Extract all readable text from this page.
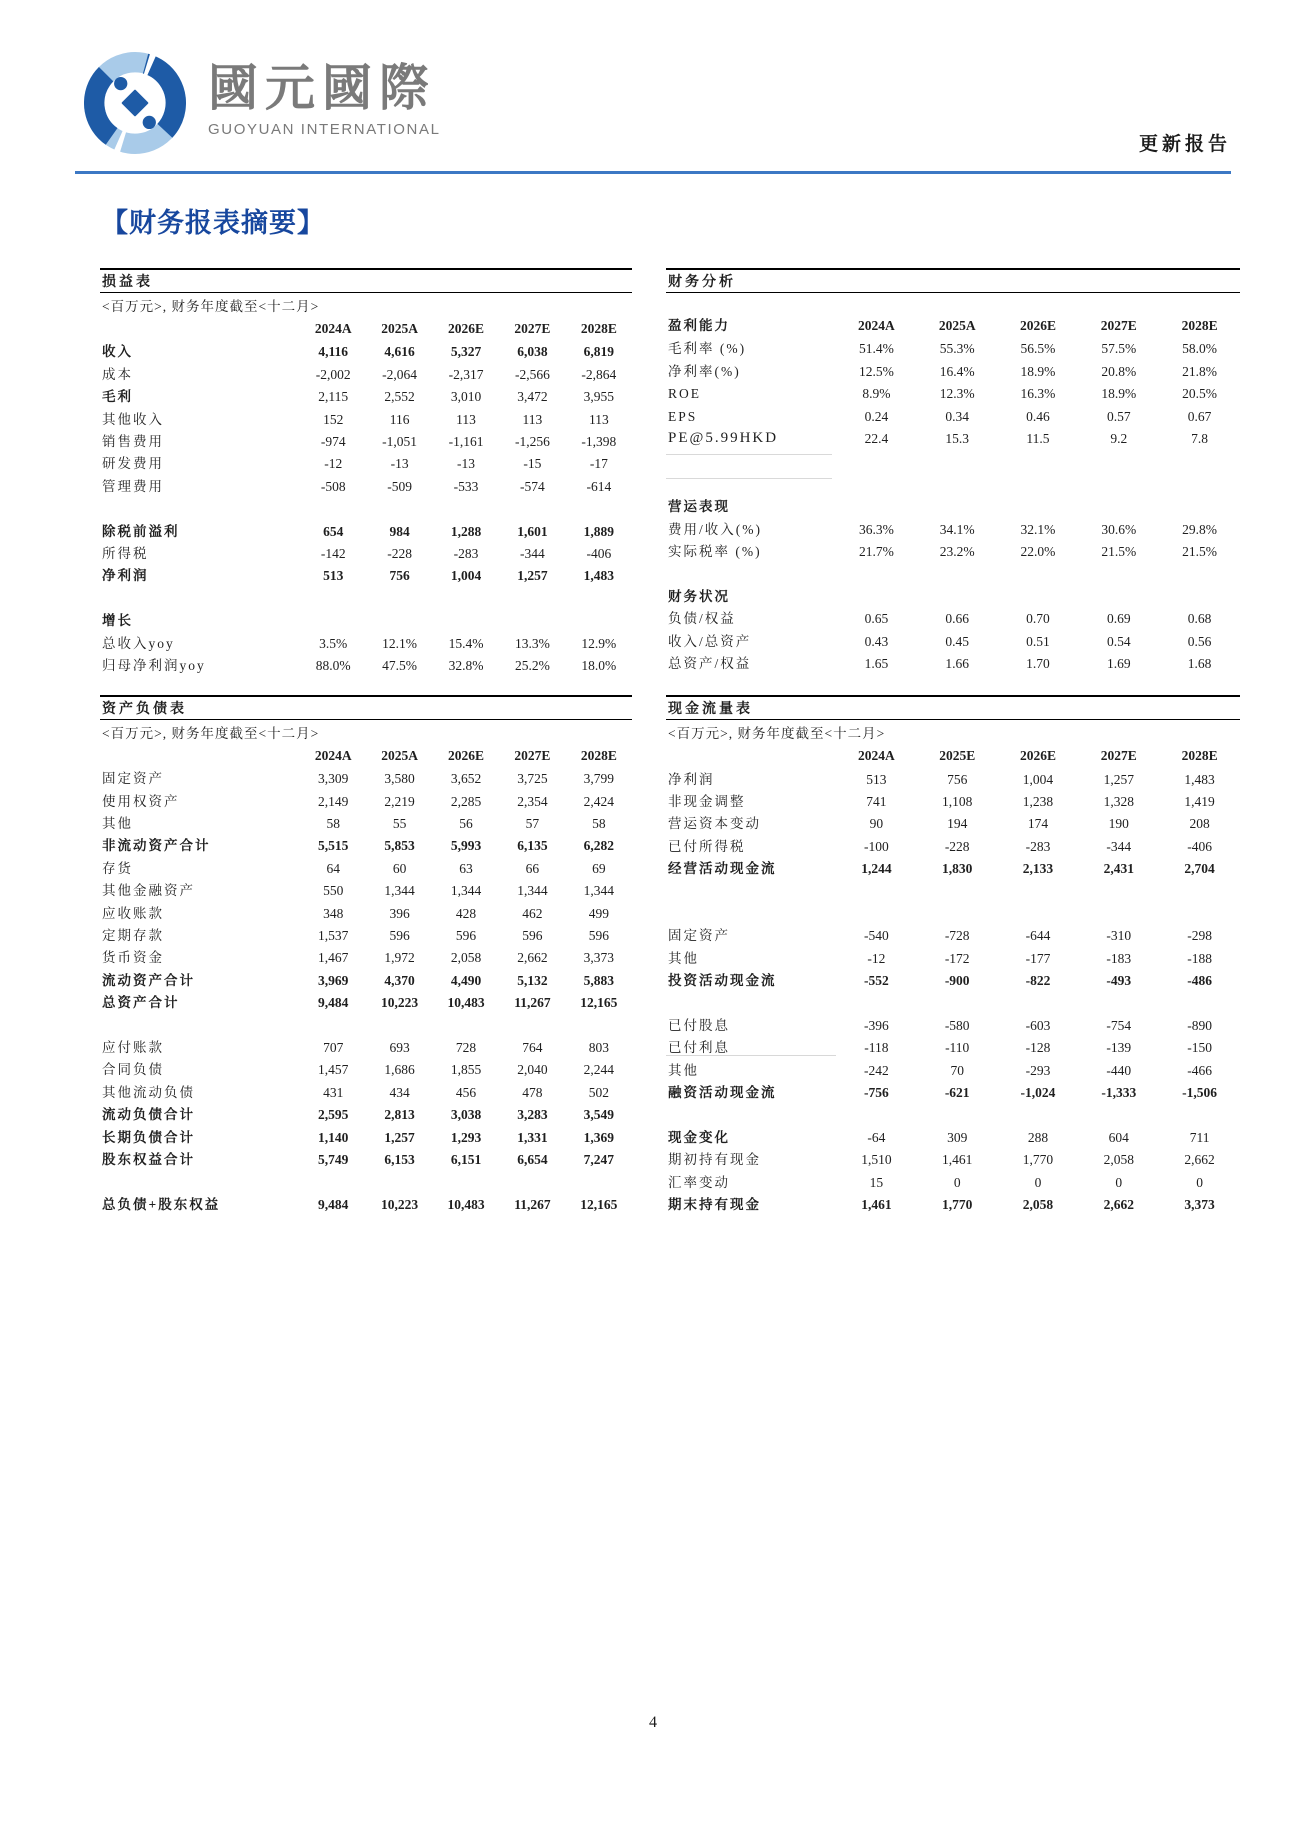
國元國際
GUOYUAN INTERNATIONAL
更新报告
【财务报表摘要】
损益表
<百万元>, 财务年度截至<十二月>
2024A	2025A	2026E	2027E	2028E
收入	4,116	4,616	5,327	6,038	6,819
成本	-2,002	-2,064	-2,317	-2,566	-2,864
毛利	2,115	2,552	3,010	3,472	3,955
其他收入	152	116	113	113	113
销售费用	-974	-1,051	-1,161	-1,256	-1,398
研发费用	-12	-13	-13	-15	-17
管理费用	-508	-509	-533	-574	-614
除税前溢利	654	984	1,288	1,601	1,889
所得税	-142	-228	-283	-344	-406
净利润	513	756	1,004	1,257	1,483
增长
总收入yoy	3.5%	12.1%	15.4%	13.3%	12.9%
归母净利润yoy	88.0%	47.5%	32.8%	25.2%	18.0%
资产负债表
<百万元>, 财务年度截至<十二月>
2024A	2025A	2026E	2027E	2028E
固定资产	3,309	3,580	3,652	3,725	3,799
使用权资产	2,149	2,219	2,285	2,354	2,424
其他	58	55	56	57	58
非流动资产合计	5,515	5,853	5,993	6,135	6,282
存货	64	60	63	66	69
其他金融资产	550	1,344	1,344	1,344	1,344
应收账款	348	396	428	462	499
定期存款	1,537	596	596	596	596
货币资金	1,467	1,972	2,058	2,662	3,373
流动资产合计	3,969	4,370	4,490	5,132	5,883
总资产合计	9,484	10,223	10,483	11,267	12,165
应付账款	707	693	728	764	803
合同负债	1,457	1,686	1,855	2,040	2,244
其他流动负债	431	434	456	478	502
流动负债合计	2,595	2,813	3,038	3,283	3,549
长期负债合计	1,140	1,257	1,293	1,331	1,369
股东权益合计	5,749	6,153	6,151	6,654	7,247
总负债+股东权益	9,484	10,223	10,483	11,267	12,165
财务分析
盈利能力	2024A	2025A	2026E	2027E	2028E
毛利率 (%)	51.4%	55.3%	56.5%	57.5%	58.0%
净利率(%)	12.5%	16.4%	18.9%	20.8%	21.8%
ROE	8.9%	12.3%	16.3%	18.9%	20.5%
EPS	0.24	0.34	0.46	0.57	0.67
PE@5.99HKD	22.4	15.3	11.5	9.2	7.8
营运表现
费用/收入(%)	36.3%	34.1%	32.1%	30.6%	29.8%
实际税率 (%)	21.7%	23.2%	22.0%	21.5%	21.5%
财务状况
负债/权益	0.65	0.66	0.70	0.69	0.68
收入/总资产	0.43	0.45	0.51	0.54	0.56
总资产/权益	1.65	1.66	1.70	1.69	1.68
现金流量表
<百万元>, 财务年度截至<十二月>
2024A	2025E	2026E	2027E	2028E
净利润	513	756	1,004	1,257	1,483
非现金调整	741	1,108	1,238	1,328	1,419
营运资本变动	90	194	174	190	208
已付所得税	-100	-228	-283	-344	-406
经营活动现金流	1,244	1,830	2,133	2,431	2,704
固定资产	-540	-728	-644	-310	-298
其他	-12	-172	-177	-183	-188
投资活动现金流	-552	-900	-822	-493	-486
已付股息	-396	-580	-603	-754	-890
已付利息	-118	-110	-128	-139	-150
其他	-242	70	-293	-440	-466
融资活动现金流	-756	-621	-1,024	-1,333	-1,506
现金变化	-64	309	288	604	711
期初持有现金	1,510	1,461	1,770	2,058	2,662
汇率变动	15	0	0	0	0
期末持有现金	1,461	1,770	2,058	2,662	3,373
4
